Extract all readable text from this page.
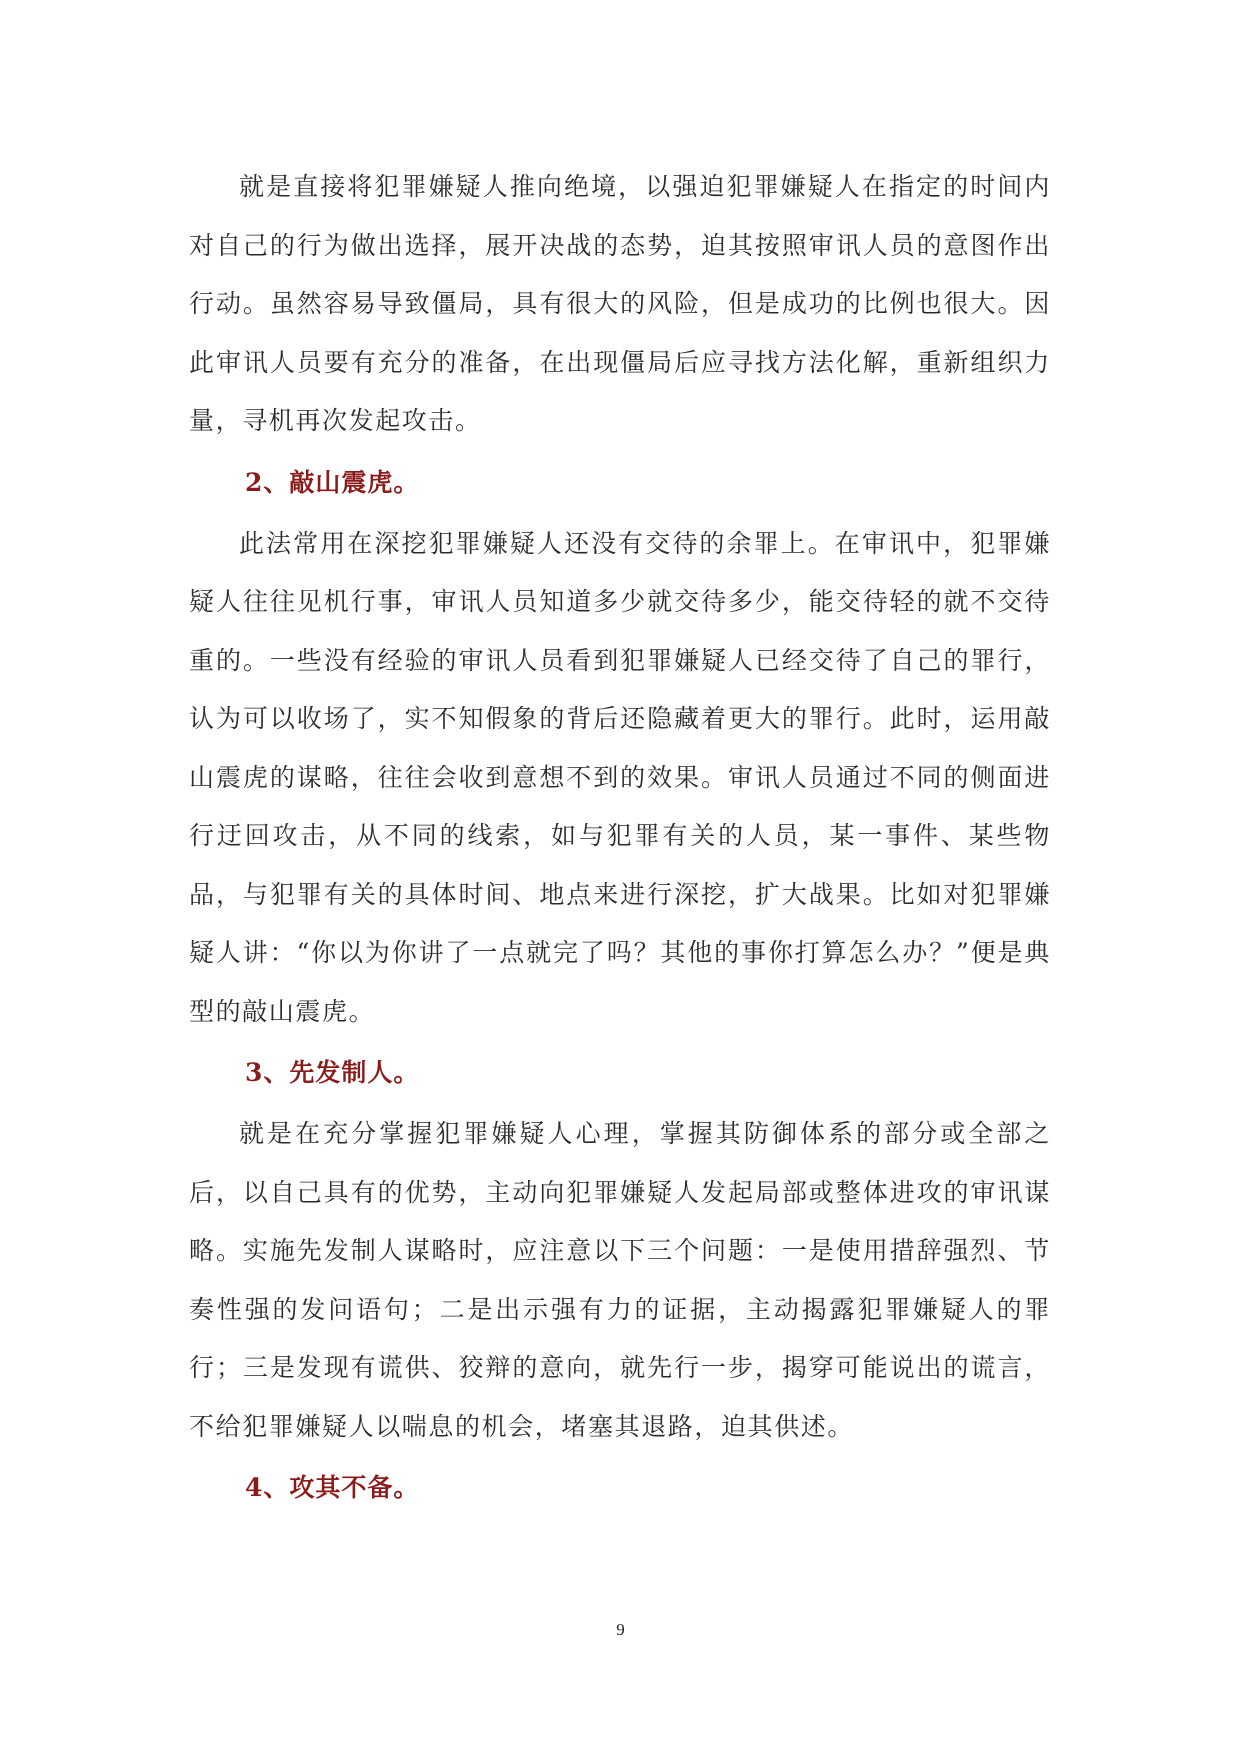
就是直接将犯罪嫌疑人推向绝境，以强迫犯罪嫌疑人在指定的时间内对自己的行为做出选择，展开决战的态势，迫其按照审讯人员的意图作出行动。虽然容易导致僵局，具有很大的风险，但是成功的比例也很大。因此审讯人员要有充分的准备，在出现僵局后应寻找方法化解，重新组织力量，寻机再次发起攻击。

2、敲山震虎。

此法常用在深挖犯罪嫌疑人还没有交待的余罪上。在审讯中，犯罪嫌疑人往往见机行事，审讯人员知道多少就交待多少，能交待轻的就不交待重的。一些没有经验的审讯人员看到犯罪嫌疑人已经交待了自己的罪行，认为可以收场了，实不知假象的背后还隐藏着更大的罪行。此时，运用敲山震虎的谋略，往往会收到意想不到的效果。审讯人员通过不同的侧面进行迂回攻击，从不同的线索，如与犯罪有关的人员，某一事件、某些物品，与犯罪有关的具体时间、地点来进行深挖，扩大战果。比如对犯罪嫌疑人讲：“你以为你讲了一点就完了吗？其他的事你打算怎么办？”便是典型的敲山震虎。

3、先发制人。

就是在充分掌握犯罪嫌疑人心理，掌握其防御体系的部分或全部之后，以自己具有的优势，主动向犯罪嫌疑人发起局部或整体进攻的审讯谋略。实施先发制人谋略时，应注意以下三个问题：一是使用措辞强烈、节奏性强的发问语句；二是出示强有力的证据，主动揭露犯罪嫌疑人的罪行；三是发现有谎供、狡辩的意向，就先行一步，揭穿可能说出的谎言，不给犯罪嫌疑人以喘息的机会，堵塞其退路，迫其供述。

4、攻其不备。

9
